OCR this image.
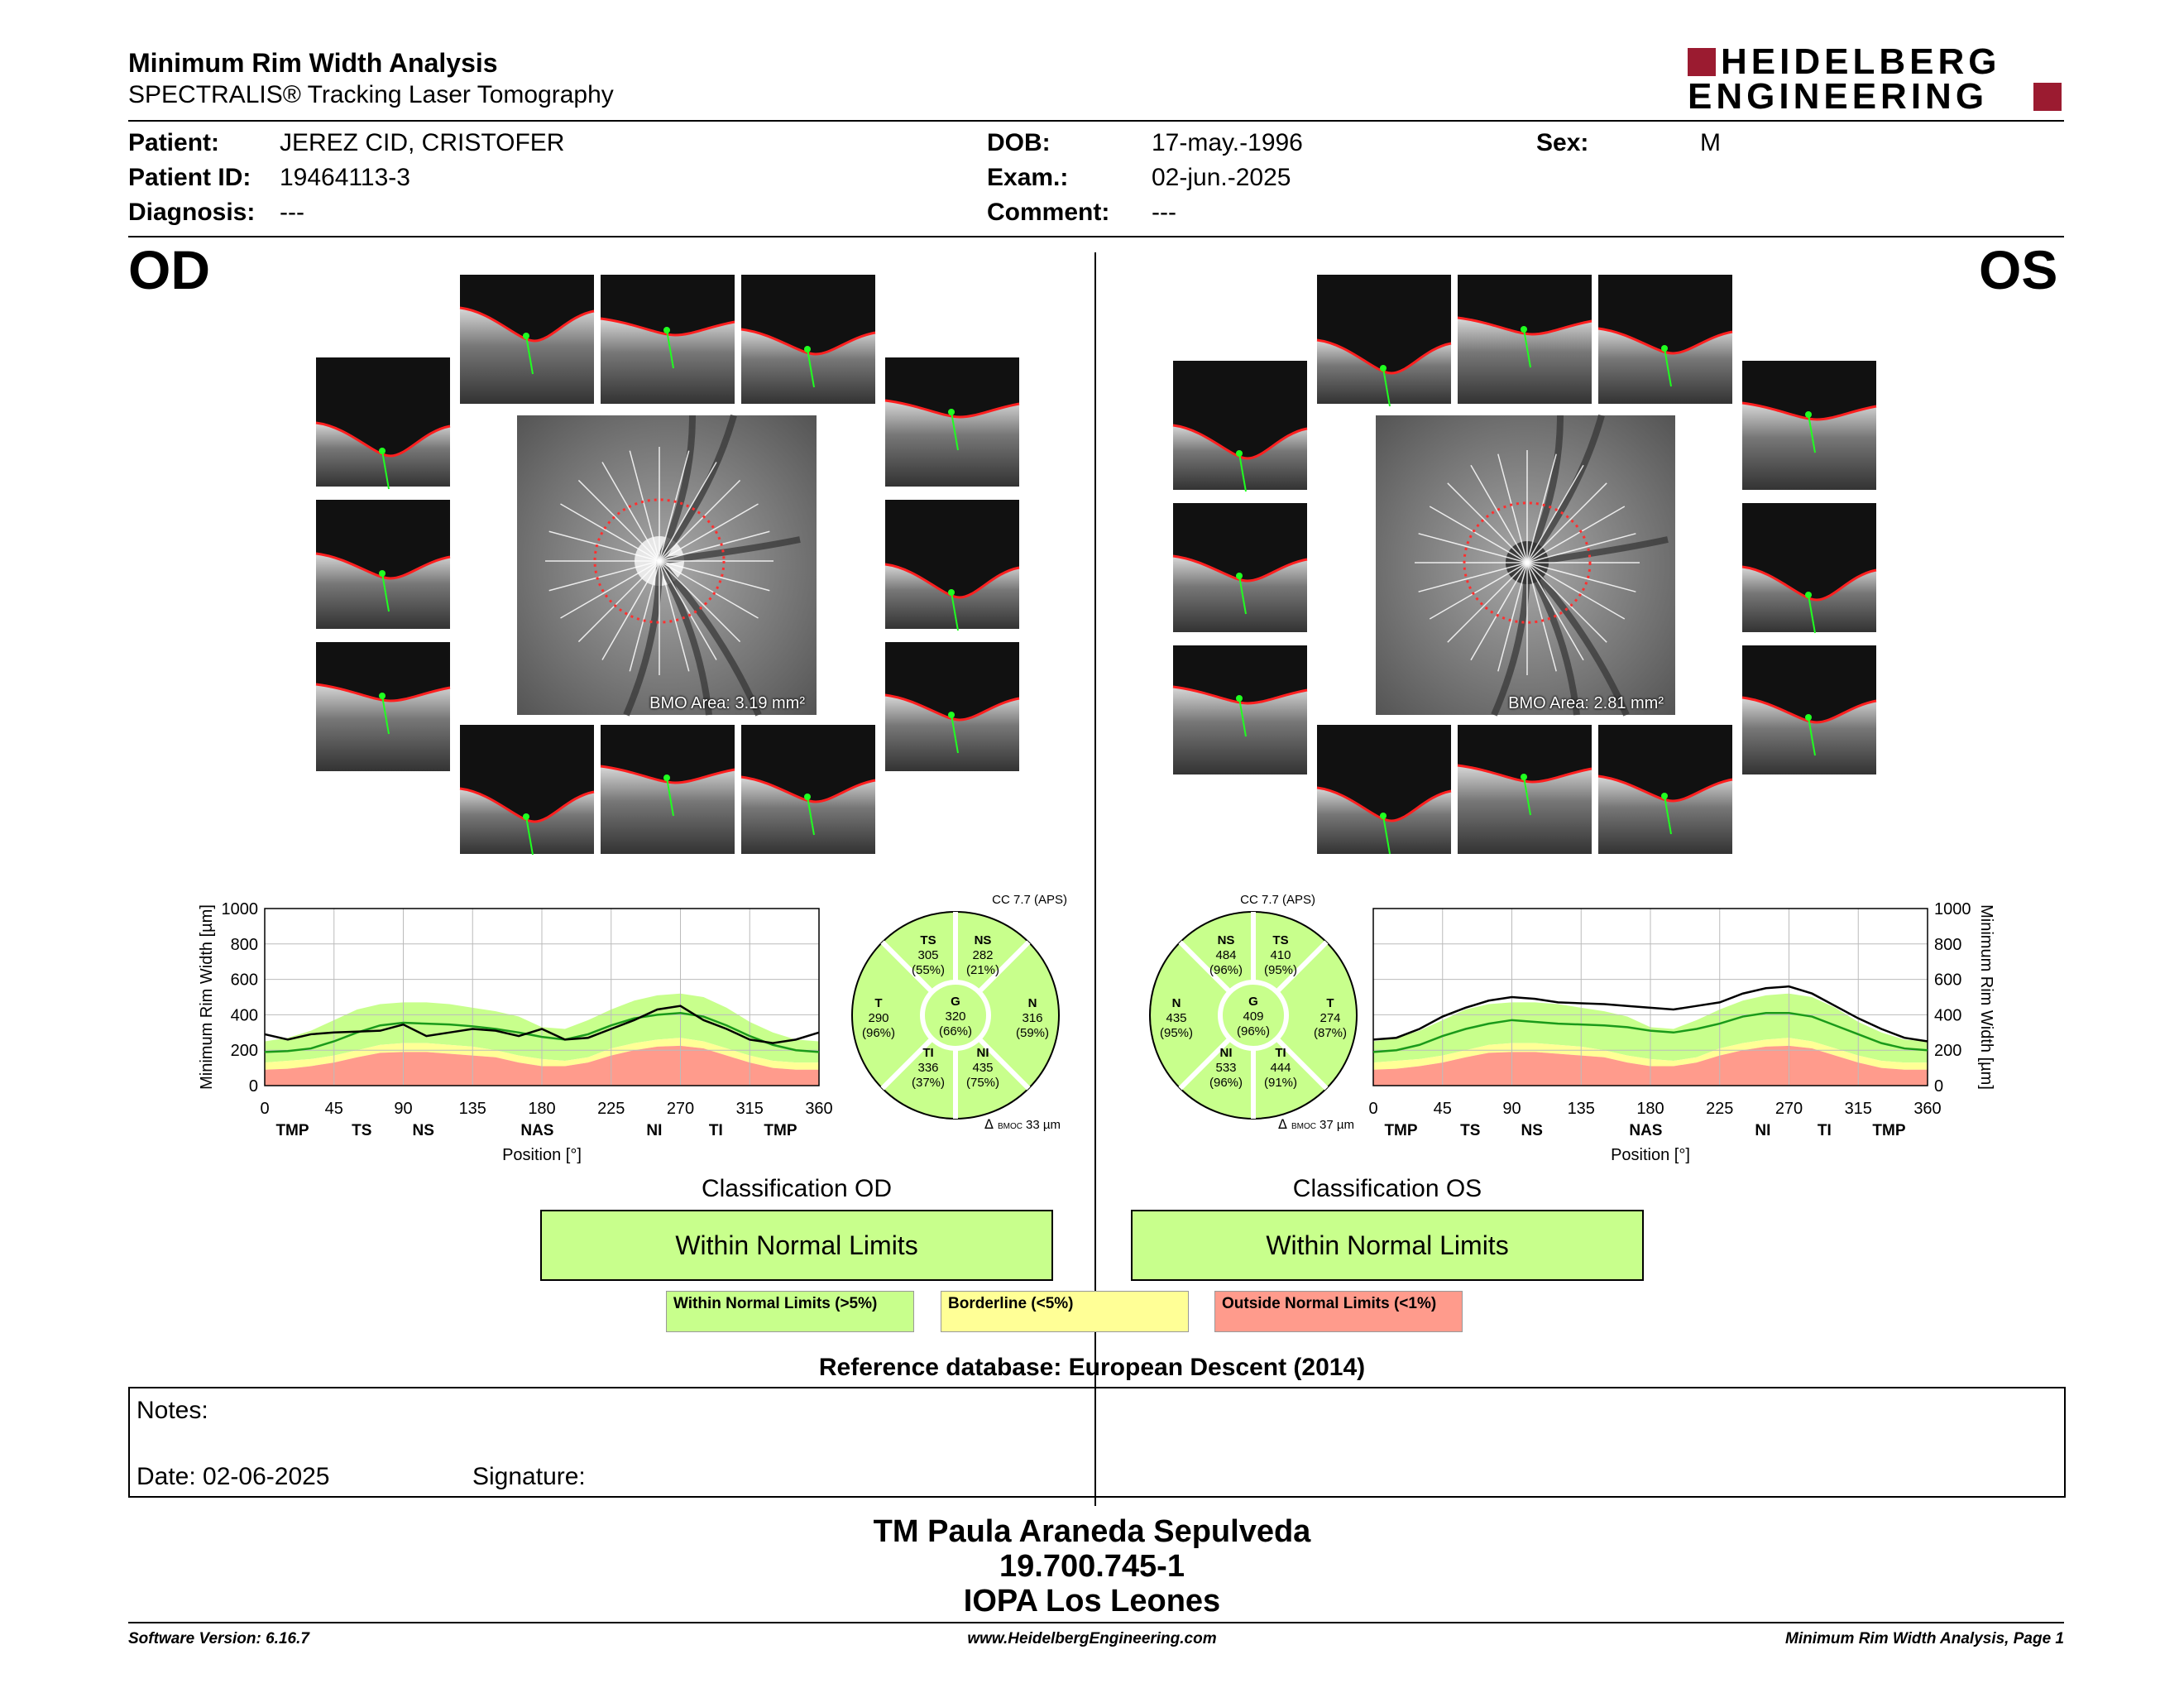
Minimum Rim Width Analysis
SPECTRALIS® Tracking Laser Tomography
HEIDELBERG
ENGINEERING
Patient: JEREZ CID, CRISTOFER
Patient ID: 19464113-3
Diagnosis: ---
DOB:	17-may.-1996
Exam.:	02-jun.-2025
Comment: ---
Sex:	M
OD	OS
BMO Area: 3.19 mm²	BMO Area: 2.81 mm²
0	45	90	135	180	225	270	315	360
0
200
400
600
800
1000
TMP	TS	NS	NAS	NI	TI	TMP
Position [°]
Minimum Rim Width [µm]
0	45	90	135	180	225	270	315	360
0
200
400
600
800
1000
TMP	TS	NS	NAS	NI	TI	TMP
Position [°]
Minimum Rim Width [µm]
T
290
(96%)
N
316
(59%)
TS
305
(55%)
NS
282
(21%)
TI
336
(37%)
NI
435
(75%)
G
320
(66%)
CC 7.7 (APS)
Δ BMOC 33 µm
N
435
(95%)
T
274
(87%)
NS
484
(96%)
TS
410
(95%)
NI
533
(96%)
TI
444
(91%)
G
409
(96%)
CC 7.7 (APS)
Δ BMOC 37 µm
Classification OD
Within Normal Limits
Classification OS
Within Normal Limits
Within Normal Limits (>5%)	Borderline (<5%)	Outside Normal Limits (<1%)
Reference database: European Descent (2014)
Notes:
Date: 02-06-2025	Signature:
TM Paula Araneda Sepulveda
19.700.745-1
IOPA Los Leones
Software Version: 6.16.7	www.HeidelbergEngineering.com	Minimum Rim Width Analysis, Page 1
